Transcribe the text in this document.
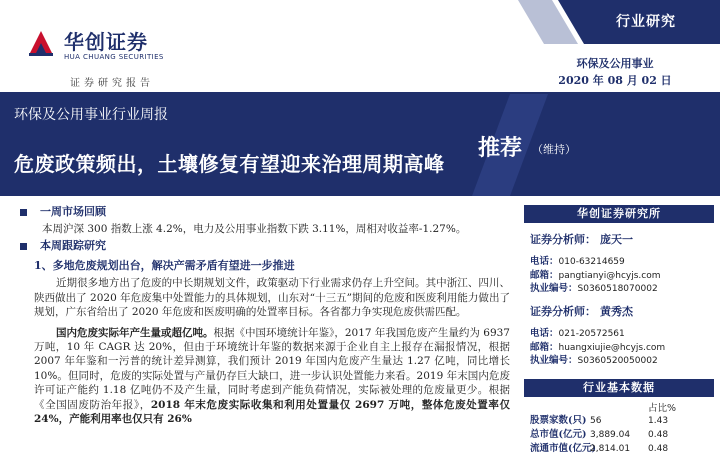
华创证券
HUA CHUANG SECURITIES
证券研究报告
行业研究
环保及公用事业
2020 年 08 月 02 日
环保及公用事业行业周报
危废政策频出，土壤修复有望迎来治理周期高峰
推荐 （维持）
一周市场回顾
本周沪深 300 指数上涨 4.2%，电力及公用事业指数下跌 3.11%，周相对收益率-1.27%。
本周跟踪研究
1、多地危废规划出台，解决产需矛盾有望进一步推进
近期很多地方出了危废的中长期规划文件，政策驱动下行业需求仍存上升空间。其中浙江、四川、陕西做出了 2020 年危废集中处置能力的具体规划，山东对“十三五”期间的危废和医废利用能力做出了规划，广东省给出了 2020 年危废和医废明确的处置率目标。各省都力争实现危废供需匹配。
国内危废实际年产生量或超亿吨。根据《中国环境统计年鉴》，2017 年我国危废产生量约为 6937 万吨，10 年 CAGR 达 20%，但由于环境统计年鉴的数据来源于企业自主上报存在漏报情况，根据 2007 年年鉴和一污普的统计差异测算，我们预计 2019 年国内危废产生量达 1.27 亿吨，同比增长 10%。但同时，危废的实际处置与产量仍存巨大缺口，进一步认识处置能力来看。2019 年末国内危废许可证产能约 1.18 亿吨仍不及产生量，同时考虑到产能负荷情况，实际被处理的危废量更少。根据《全国固废防治年报》，2018 年末危废实际收集和利用处置量仅 2697 万吨，整体危废处置率仅 24%，产能利用率也仅只有 26%
华创证券研究所
证券分析师： 庞天一
电话：010-63214659
邮箱：pangtianyi@hcyjs.com
执业编号：S0360518070002
证券分析师： 黄秀杰
电话：021-20572561
邮箱：huangxiujie@hcyjs.com
执业编号：S0360520050002
行业基本数据
占比%
股票家数(只) 56	1.43
总市值(亿元) 3,889.04 0.48
流通市值(亿元)
2,814.01 0.48
